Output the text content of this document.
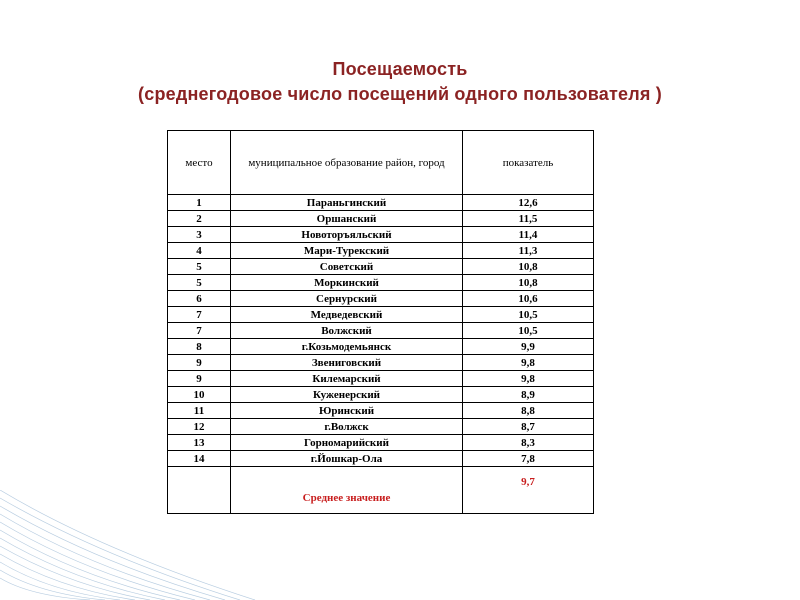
Посещаемость
(среднегодовое число посещений одного пользователя )
место	муниципальное образование район, город	показатель
1	Параньгинский	12,6
2	Оршанский	11,5
3	Новоторъяльский	11,4
4	Мари-Турекский	11,3
5	Советский	10,8
5	Моркинский	10,8
6	Сернурский	10,6
7	Медведевский	10,5
7	Волжский	10,5
8	г.Козьмодемьянск	9,9
9	Звениговский	9,8
9	Килемарский	9,8
10	Куженерский	8,9
11	Юринский	8,8
12	г.Волжск	8,7
13	Горномарийский	8,3
14	г.Йошкар-Ола	7,8
	Среднее значение	9,7
